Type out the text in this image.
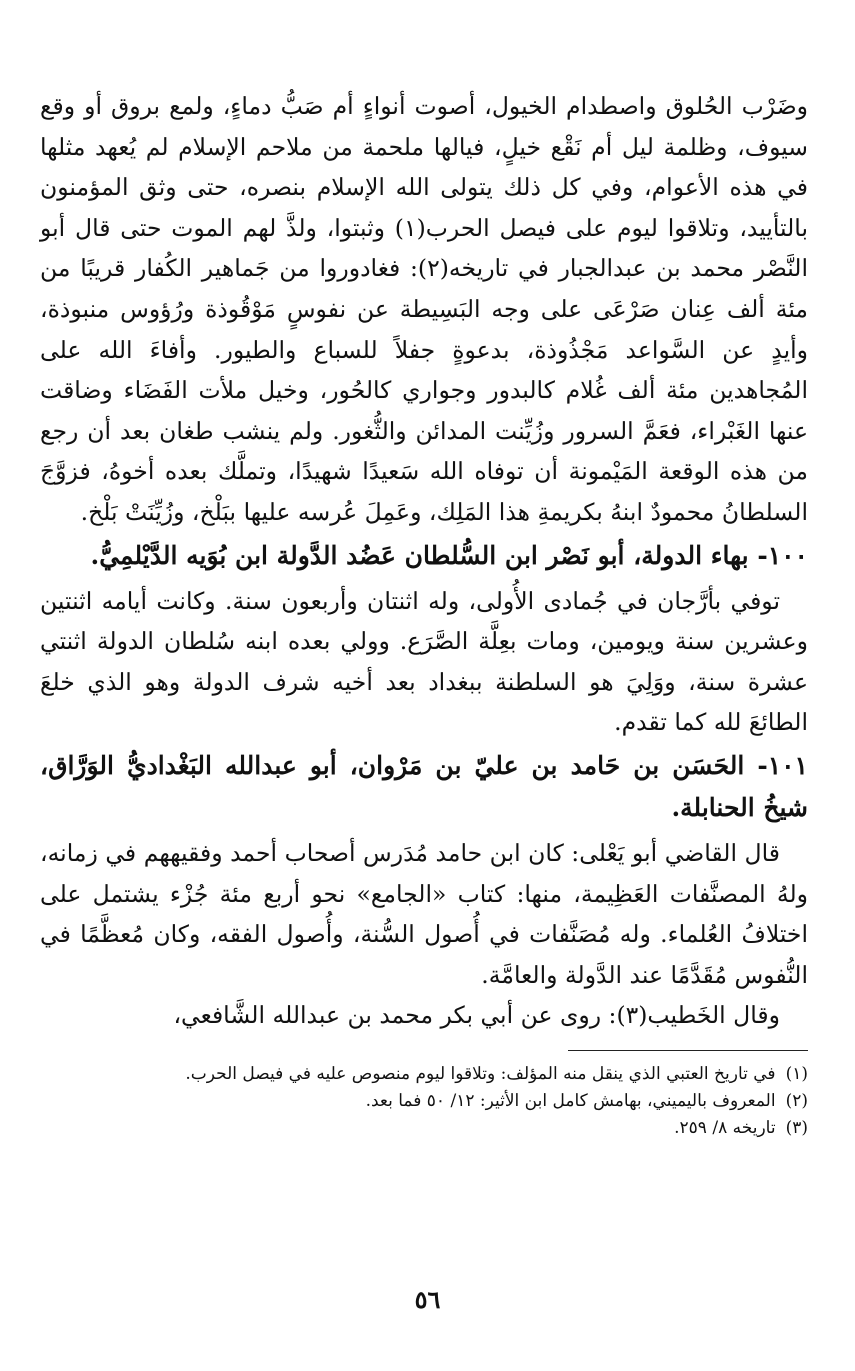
وضَرْب الحُلوق واصطدام الخيول، أصوت أنواءٍ أم صَبُّ دماءٍ، ولمع بروق أو وقع سيوف، وظلمة ليل أم نَقْع خيلٍ، فيالها ملحمة من ملاحم الإسلام لم يُعهد مثلها في هذه الأعوام، وفي كل ذلك يتولى الله الإسلام بنصره، حتى وثق المؤمنون بالتأييد، وتلاقوا ليوم على فيصل الحرب(١) وثبتوا، ولذَّ لهم الموت حتى قال أبو النَّصْر محمد بن عبدالجبار في تاريخه(٢): فغادوروا من جَماهير الكُفار قريبًا من مئة ألف عِنان صَرْعَى على وجه البَسِيطة عن نفوسٍ مَوْقُوذة ورُؤوس منبوذة، وأيدٍ عن السَّواعد مَجْذُوذة، بدعوةٍ جفلاً للسباع والطيور. وأفاءَ الله على المُجاهدين مئة ألف غُلام كالبدور وجواري كالحُور، وخيل ملأت الفَضَاء وضاقت عنها الغَبْراء، فعَمَّ السرور وزُيِّنت المدائن والثُّغور. ولم ينشب طغان بعد أن رجع من هذه الوقعة المَيْمونة أن توفاه الله سَعيدًا شهيدًا، وتملَّك بعده أخوهُ، فزوَّجَ السلطانُ محمودٌ ابنهُ بكريمةِ هذا المَلِك، وعَمِلَ عُرسه عليها ببَلْخ، وزُيِّنَتْ بَلْخ.

١٠٠- بهاء الدولة، أبو نَصْر ابن السُّلطان عَضُد الدَّولة ابن بُوَيه الدَّيْلمِيُّ.

توفي بأرَّجان في جُمادى الأُولى، وله اثنتان وأربعون سنة. وكانت أيامه اثنتين وعشرين سنة ويومين، ومات بعِلَّة الصَّرَع. وولي بعده ابنه سُلطان الدولة اثنتي عشرة سنة، ووَلِيَ هو السلطنة ببغداد بعد أخيه شرف الدولة وهو الذي خلعَ الطائعَ لله كما تقدم.

١٠١- الحَسَن بن حَامد بن عليّ بن مَرْوان، أبو عبدالله البَغْداديُّ الوَرَّاق، شيخُ الحنابلة.

قال القاضي أبو يَعْلى: كان ابن حامد مُدَرس أصحاب أحمد وفقيههم في زمانه، ولهُ المصنَّفات العَظِيمة، منها: كتاب «الجامع» نحو أربع مئة جُزْء يشتمل على اختلافُ العُلماء. وله مُصَنَّفات في أُصول السُّنة، وأُصول الفقه، وكان مُعظَّمًا في النُّفوس مُقَدَّمًا عند الدَّولة والعامَّة.

وقال الخَطيب(٣): روى عن أبي بكر محمد بن عبدالله الشَّافعي،

(١)
في تاريخ العتبي الذي ينقل منه المؤلف: وتلاقوا ليوم منصوص عليه في فيصل الحرب.
(٢)
المعروف باليميني، بهامش كامل ابن الأثير: ١٢/ ٥٠ فما بعد.
(٣)
تاريخه ٨/ ٢٥٩.
٥٦
